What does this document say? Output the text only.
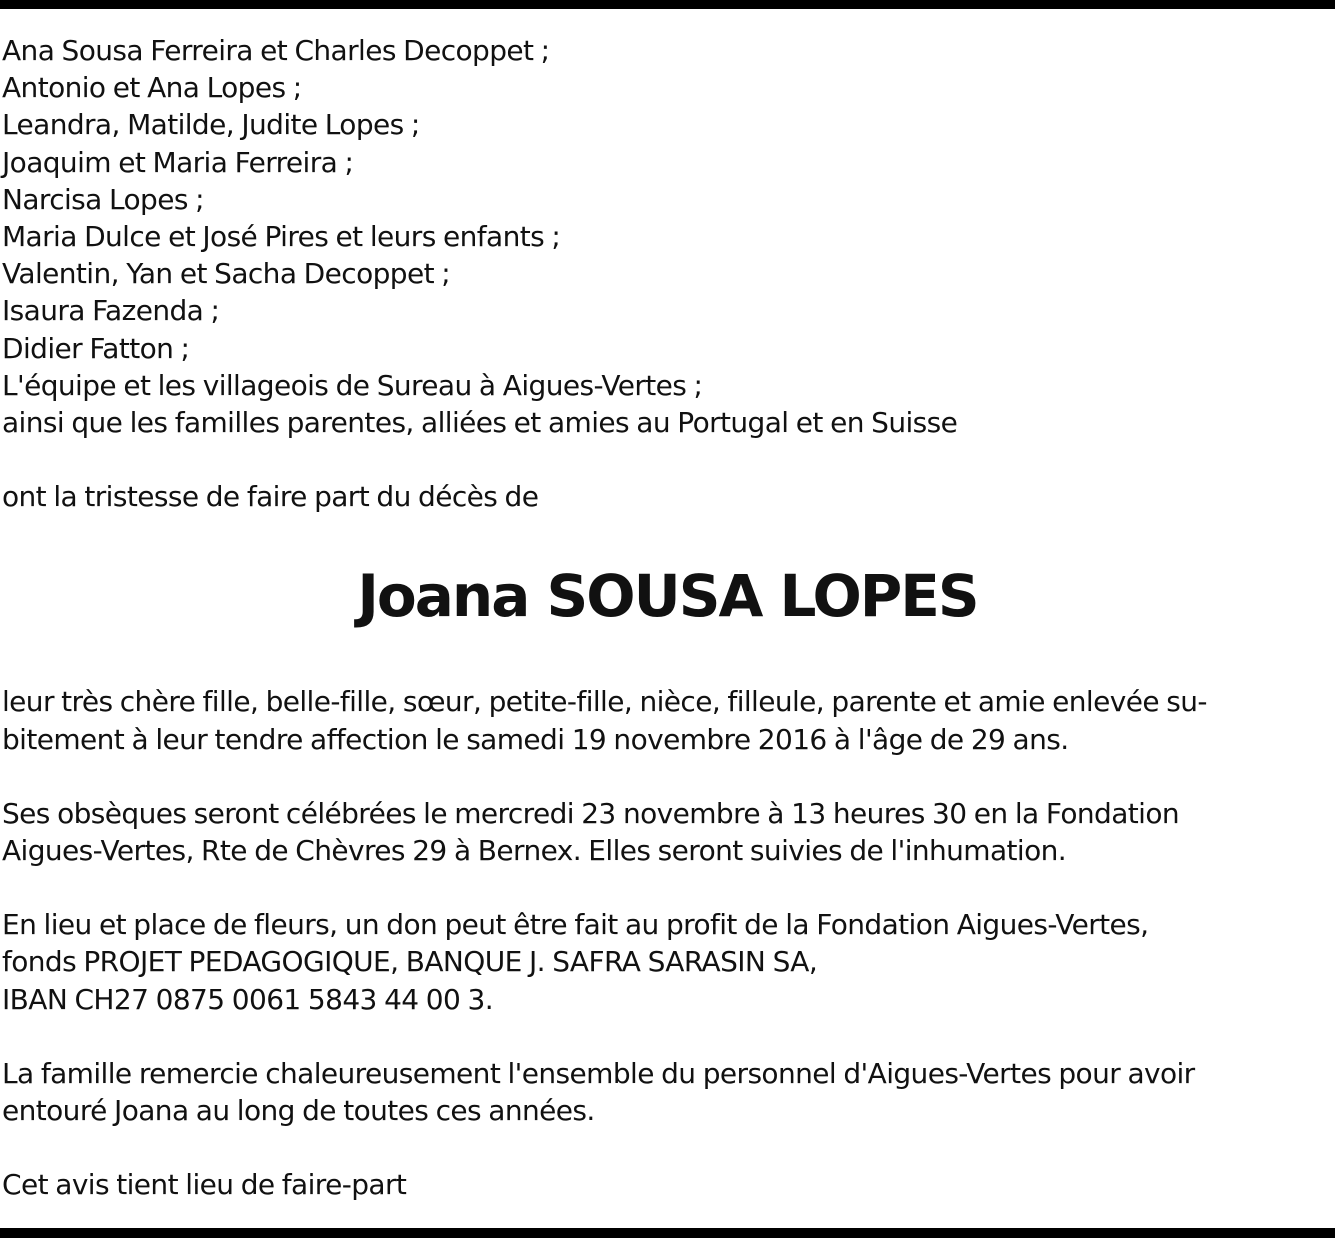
Ana Sousa Ferreira et Charles Decoppet ;
Antonio et Ana Lopes ;
Leandra, Matilde, Judite Lopes ;
Joaquim et Maria Ferreira ;
Narcisa Lopes ;
Maria Dulce et José Pires et leurs enfants ;
Valentin, Yan et Sacha Decoppet ;
Isaura Fazenda ;
Didier Fatton ;
L'équipe et les villageois de Sureau à Aigues-Vertes ;
ainsi que les familles parentes, alliées et amies au Portugal et en Suisse

ont la tristesse de faire part du décès de

Joana SOUSA LOPES

leur très chère fille, belle-fille, sœur, petite-fille, nièce, filleule, parente et amie enlevée su-
bitement à leur tendre affection le samedi 19 novembre 2016 à l'âge de 29 ans.

Ses obsèques seront célébrées le mercredi 23 novembre à 13 heures 30 en la Fondation
Aigues-Vertes, Rte de Chèvres 29 à Bernex. Elles seront suivies de l'inhumation.

En lieu et place de fleurs, un don peut être fait au profit de la Fondation Aigues-Vertes,
fonds PROJET PEDAGOGIQUE, BANQUE J. SAFRA SARASIN SA,
IBAN CH27 0875 0061 5843 44 00 3.

La famille remercie chaleureusement l'ensemble du personnel d'Aigues-Vertes pour avoir
entouré Joana au long de toutes ces années.

Cet avis tient lieu de faire-part
